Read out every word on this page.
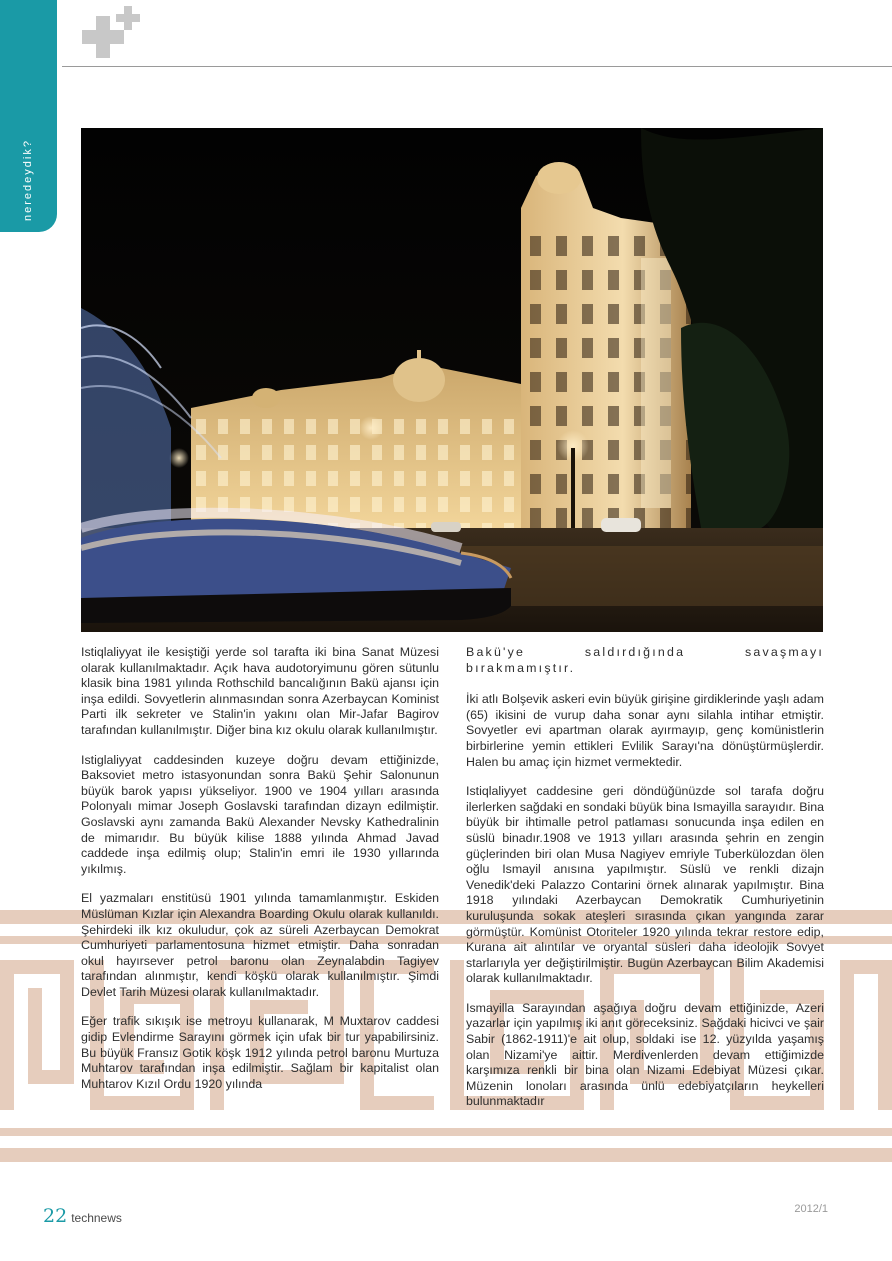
neredeydik?

Istiqlaliyyat ile kesiştiği yerde sol tarafta iki bina Sanat Müzesi olarak kullanılmaktadır. Açık hava audotoryimunu gören sütunlu klasik bina 1981 yılında Rothschild bancalığının Bakü ajansı için inşa edildi. Sovyetlerin alınmasından sonra Azerbaycan Kominist Parti ilk sekreter ve Stalin'in yakını olan Mir-Jafar Bagirov tarafından kullanılmıştır. Diğer bina kız okulu olarak kullanılmıştır.

Istiglaliyyat caddesinden kuzeye doğru devam ettiğinizde, Baksoviet metro istasyonundan sonra Bakü Şehir Salonunun büyük barok yapısı yükseliyor. 1900 ve 1904 yılları arasında Polonyalı mimar Joseph Goslavski tarafından dizayn edilmiştir. Goslavski aynı zamanda Bakü Alexander Nevsky Kathedralinin de mimarıdır. Bu büyük kilise 1888 yılında Ahmad Javad caddede inşa edilmiş olup; Stalin'in emri ile 1930 yıllarında yıkılmış.

El yazmaları enstitüsü 1901 yılında tamamlanmıştır. Eskiden Müslüman Kızlar için Alexandra Boarding Okulu olarak kullanıldı. Şehirdeki ilk kız okuludur, çok az süreli Azerbaycan Demokrat Cumhuriyeti parlamentosuna hizmet etmiştir. Daha sonradan okul hayırsever petrol baronu olan Zeynalabdin Tagiyev tarafından alınmıştır, kendi köşkü olarak kullanılmıştır. Şimdi Devlet Tarih Müzesi olarak kullanılmaktadır.

Eğer trafik sıkışık ise metroyu kullanarak, M Muxtarov caddesi gidip Evlendirme Sarayını görmek için ufak bir tur yapabilirsiniz. Bu büyük Fransız Gotik köşk 1912 yılında petrol baronu Murtuza Muhtarov tarafından inşa edilmiştir. Sağlam bir kapitalist olan Muhtarov Kızıl Ordu 1920 yılında

Bakü'ye saldırdığında savaşmayı bırakmamıştır.

İki atlı Bolşevik askeri evin büyük girişine girdiklerinde yaşlı adam (65) ikisini de vurup daha sonar aynı silahla intihar etmiştir. Sovyetler evi apartman olarak ayırmayıp, genç komünistlerin birbirlerine yemin ettikleri Evlilik Sarayı'na dönüştürmüşlerdir. Halen bu amaç için hizmet vermektedir.

Istiqlaliyyet caddesine geri döndüğünüzde sol tarafa doğru ilerlerken sağdaki en sondaki büyük bina Ismayilla sarayıdır. Bina büyük bir ihtimalle petrol patlaması sonucunda inşa edilen en süslü binadır.1908 ve 1913 yılları arasında şehrin en zengin güçlerinden biri olan Musa Nagiyev emriyle Tuberkülozdan ölen oğlu Ismayil anısına yapılmıştır. Süslü ve renkli dizajn Venedik'deki Palazzo Contarini örnek alınarak yapılmıştır. Bina 1918 yılındaki Azerbaycan Demokratik Cumhuriyetinin kuruluşunda sokak ateşleri sırasında çıkan yangında zarar görmüştür. Komünist Otoriteler 1920 yılında tekrar restore edip, Kurana ait alıntılar ve oryantal süsleri daha ideolojik Sovyet starlarıyla yer değiştirilmiştir. Bugün Azerbaycan Bilim Akademisi olarak kullanılmaktadır.

Ismayilla Sarayından aşağıya doğru devam ettiğinizde, Azeri yazarlar için yapılmış iki anıt göreceksiniz. Sağdaki hicivci ve şair Sabir (1862-1911)'e ait olup, soldaki ise 12. yüzyılda yaşamış olan Nizami'ye aittir. Merdivenlerden devam ettiğimizde karşımıza renkli bir bina olan Nizami Edebiyat Müzesi çıkar. Müzenin lonoları arasında ünlü edebiyatçıların heykelleri bulunmaktadır

22 technews
2012/1
